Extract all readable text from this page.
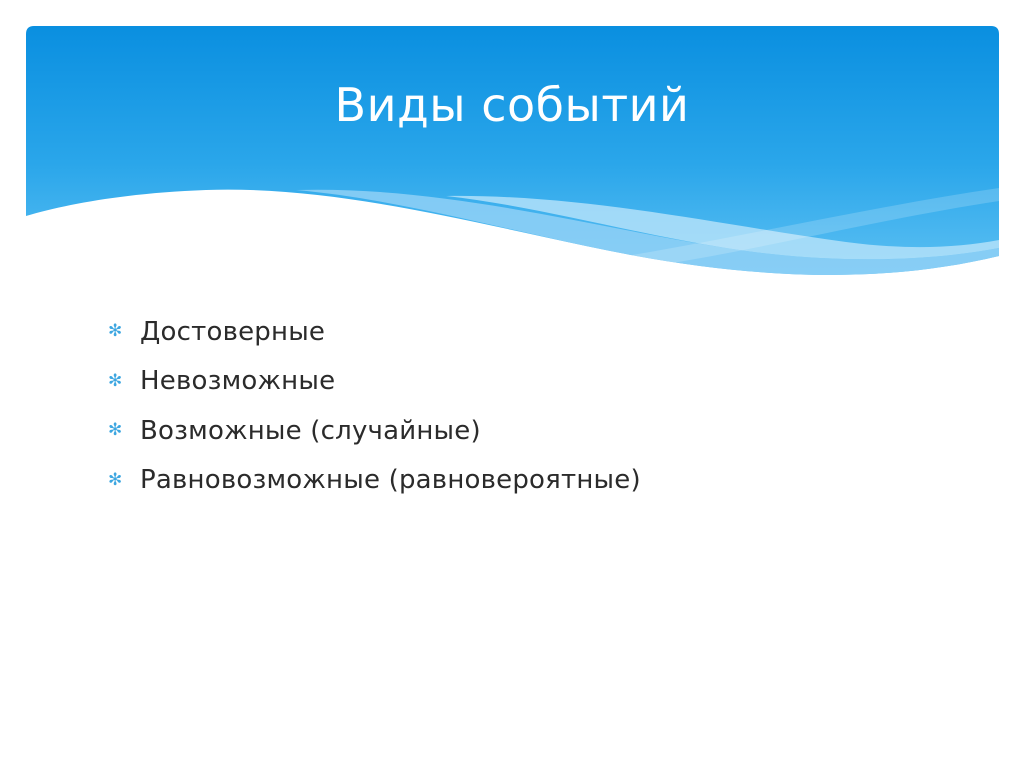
Виды событий
✻ Достоверные
✻ Невозможные
✻ Возможные (случайные)
✻ Равновозможные (равновероятные)
